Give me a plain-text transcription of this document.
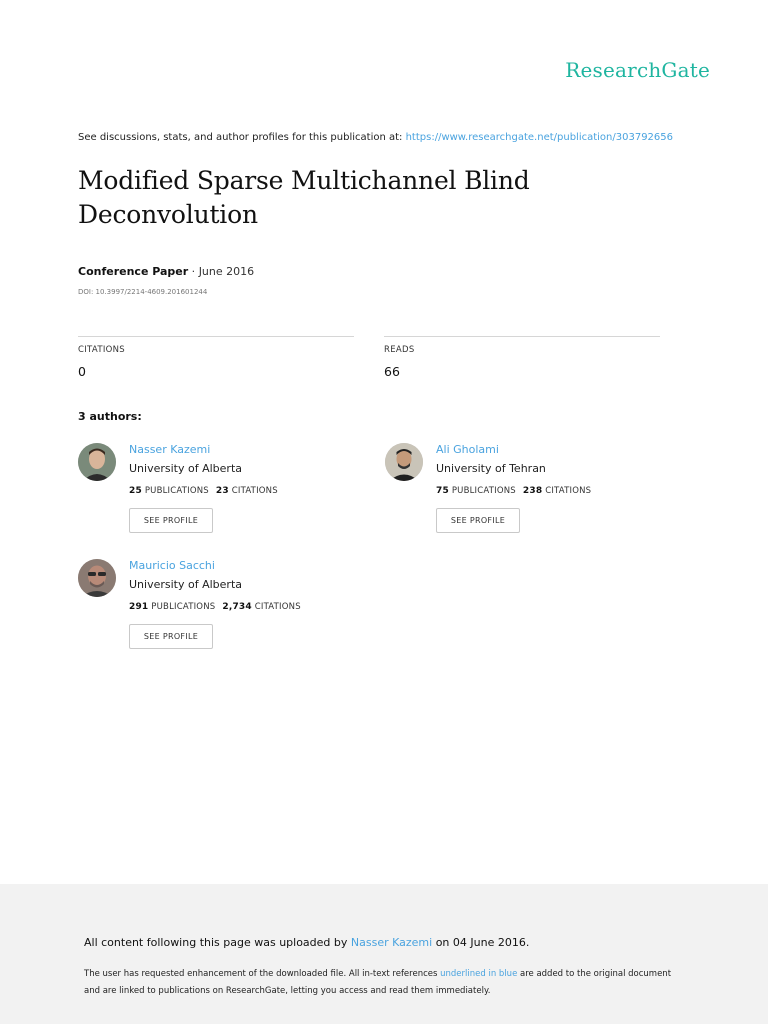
ResearchGate
See discussions, stats, and author profiles for this publication at: https://www.researchgate.net/publication/303792656
Modified Sparse Multichannel Blind
Deconvolution
Conference Paper · June 2016
DOI: 10.3997/2214-4609.201601244
CITATIONS
0
READS
66
3 authors:
Nasser Kazemi
University of Alberta
25 PUBLICATIONS 23 CITATIONS
SEE PROFILE
Ali Gholami
University of Tehran
75 PUBLICATIONS 238 CITATIONS
SEE PROFILE
Mauricio Sacchi
University of Alberta
291 PUBLICATIONS 2,734 CITATIONS
SEE PROFILE
All content following this page was uploaded by Nasser Kazemi on 04 June 2016.
The user has requested enhancement of the downloaded file. All in-text references underlined in blue are added to the original document
and are linked to publications on ResearchGate, letting you access and read them immediately.
